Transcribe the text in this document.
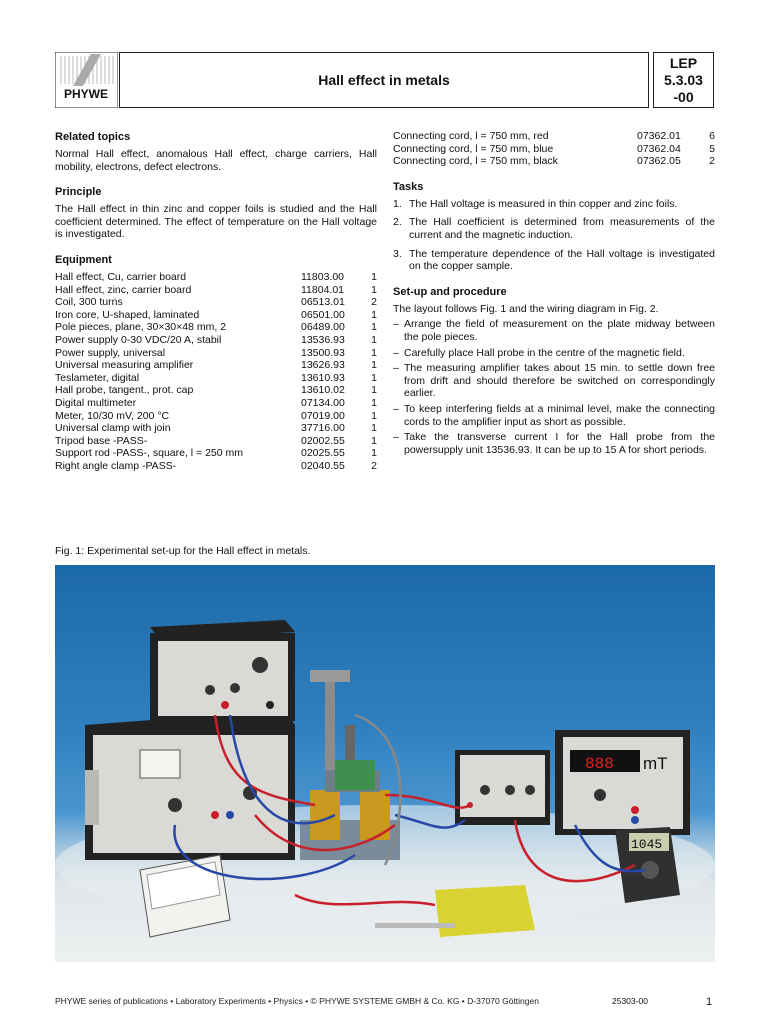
PHYWE
Hall effect in metals
LEP
5.3.03
-00
Related topics

Normal Hall effect, anomalous Hall effect, charge carriers, Hall mobility, electrons, defect electrons.

Principle

The Hall effect in thin zinc and copper foils is studied and the Hall coefficient determined. The effect of temperature on the Hall voltage is investigated.

Equipment
Hall effect, Cu, carrier board	11803.00	1
Hall effect, zinc, carrier board	11804.01	1
Coil, 300 turns	06513.01	2
Iron core, U-shaped, laminated	06501.00	1
Pole pieces, plane, 30×30×48 mm, 2	06489.00	1
Power supply 0-30 VDC/20 A, stabil	13536.93	1
Power supply, universal	13500.93	1
Universal measuring amplifier	13626.93	1
Teslameter, digital	13610.93	1
Hall probe, tangent., prot. cap	13610.02	1
Digital multimeter	07134.00	1
Meter, 10/30 mV, 200 °C	07019.00	1
Universal clamp with join	37716.00	1
Tripod base -PASS-	02002.55	1
Support rod -PASS-, square, l = 250 mm	02025.55	1
Right angle clamp -PASS-	02040.55	2
Connecting cord, l = 750 mm, red	07362.01	6
Connecting cord, l = 750 mm, blue	07362.04	5
Connecting cord, l = 750 mm, black	07362.05	2
Tasks
1. The Hall voltage is measured in thin copper and zinc foils.
2. The Hall coefficient is determined from measurements of the current and the magnetic induction.
3. The temperature dependence of the Hall voltage is investigated on the copper sample.
Set-up and procedure

The layout follows Fig. 1 and the wiring diagram in Fig. 2.

– Arrange the field of measurement on the plate midway between the pole pieces.
– Carefully place Hall probe in the centre of the magnetic field.
– The measuring amplifier takes about 15 min. to settle down free from drift and should therefore be switched on correspondingly earlier.
– To keep interfering fields at a minimal level, make the connecting cords to the amplifier input as short as possible.
– Take the transverse current I for the Hall probe from the powersupply unit 13536.93. It can be up to 15 A for short periods.
Fig. 1: Experimental set-up for the Hall effect in metals.
888 mT
1045
PHYWE series of publications • Laboratory Experiments • Physics • © PHYWE SYSTEME GMBH & Co. KG • D-37070 Göttingen	25303-00	1
